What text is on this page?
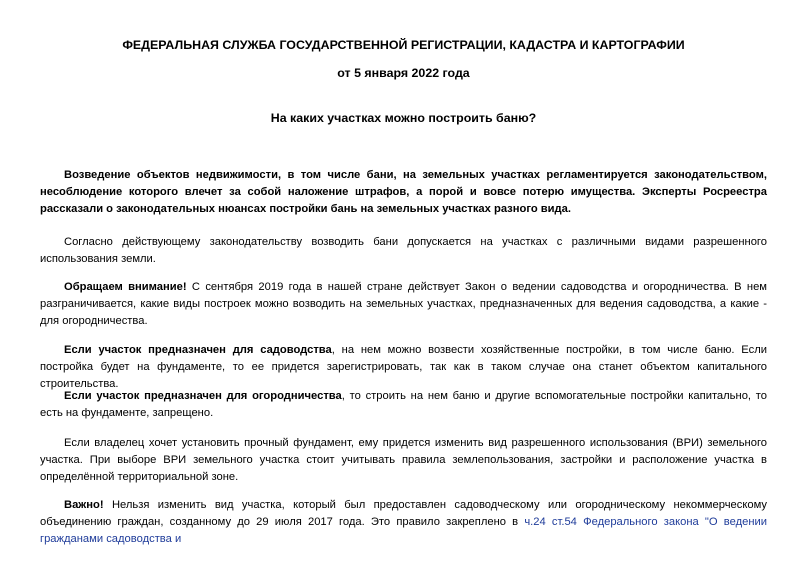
ФЕДЕРАЛЬНАЯ СЛУЖБА ГОСУДАРСТВЕННОЙ РЕГИСТРАЦИИ, КАДАСТРА И КАРТОГРАФИИ
от 5 января 2022 года
На каких участках можно построить баню?
Возведение объектов недвижимости, в том числе бани, на земельных участках регламентируется законодательством, несоблюдение которого влечет за собой наложение штрафов, а порой и вовсе потерю имущества. Эксперты Росреестра рассказали о законодательных нюансах постройки бань на земельных участках разного вида.
Согласно действующему законодательству возводить бани допускается на участках с различными видами разрешенного использования земли.
Обращаем внимание! С сентября 2019 года в нашей стране действует Закон о ведении садоводства и огородничества. В нем разграничивается, какие виды построек можно возводить на земельных участках, предназначенных для ведения садоводства, а какие - для огородничества.
Если участок предназначен для садоводства, на нем можно возвести хозяйственные постройки, в том числе баню. Если постройка будет на фундаменте, то ее придется зарегистрировать, так как в таком случае она станет объектом капитального строительства.
Если участок предназначен для огородничества, то строить на нем баню и другие вспомогательные постройки капитально, то есть на фундаменте, запрещено.
Если владелец хочет установить прочный фундамент, ему придется изменить вид разрешенного использования (ВРИ) земельного участка. При выборе ВРИ земельного участка стоит учитывать правила землепользования, застройки и расположение участка в определённой территориальной зоне.
Важно! Нельзя изменить вид участка, который был предоставлен садоводческому или огородническому некоммерческому объединению граждан, созданному до 29 июля 2017 года. Это правило закреплено в ч.24 ст.54 Федерального закона "О ведении гражданами садоводства и
